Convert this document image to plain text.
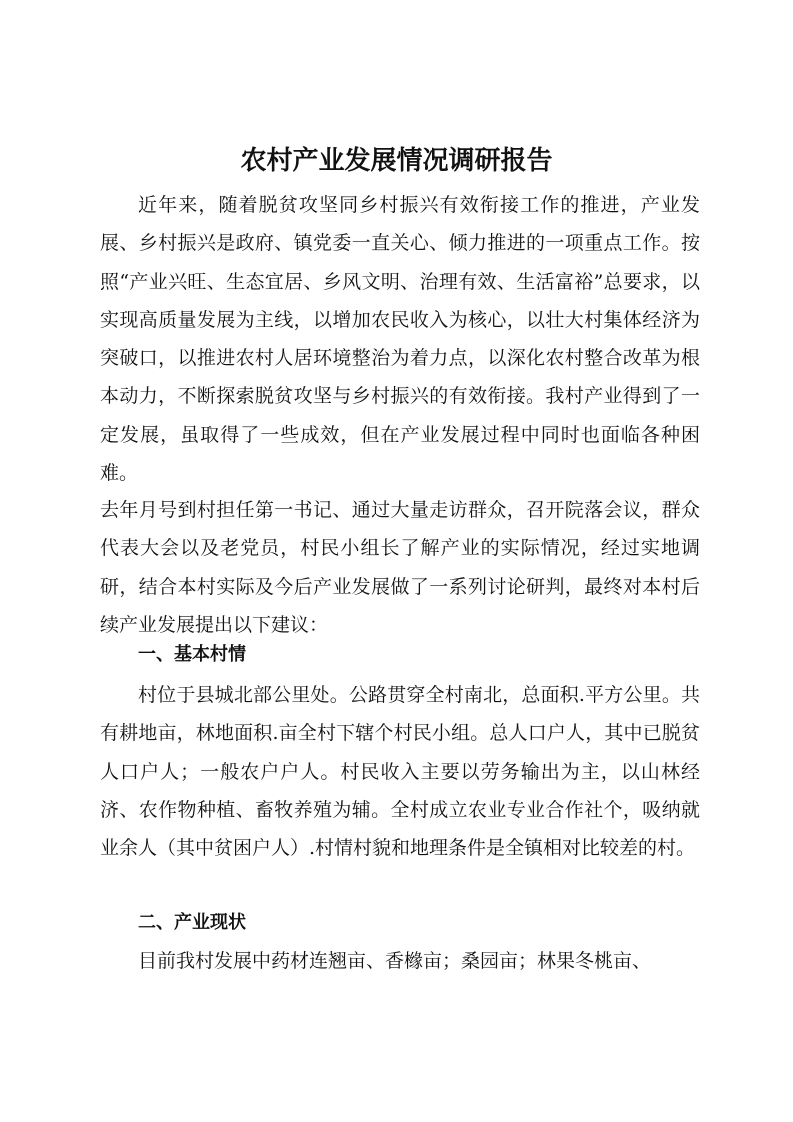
农村产业发展情况调研报告

近年来，随着脱贫攻坚同乡村振兴有效衔接工作的推进，产业发展、乡村振兴是政府、镇党委一直关心、倾力推进的一项重点工作。按照“产业兴旺、生态宜居、乡风文明、治理有效、生活富裕”总要求，以实现高质量发展为主线，以增加农民收入为核心，以壮大村集体经济为突破口，以推进农村人居环境整治为着力点，以深化农村整合改革为根本动力，不断探索脱贫攻坚与乡村振兴的有效衔接。我村产业得到了一定发展，虽取得了一些成效，但在产业发展过程中同时也面临各种困难。

去年月号到村担任第一书记、通过大量走访群众，召开院落会议，群众代表大会以及老党员，村民小组长了解产业的实际情况，经过实地调研，结合本村实际及今后产业发展做了一系列讨论研判，最终对本村后续产业发展提出以下建议：

一、基本村情

村位于县城北部公里处。公路贯穿全村南北，总面积.平方公里。共有耕地亩，林地面积.亩全村下辖个村民小组。总人口户人，其中已脱贫人口户人；一般农户户人。村民收入主要以劳务输出为主，以山林经济、农作物种植、畜牧养殖为辅。全村成立农业专业合作社个，吸纳就业余人（其中贫困户人）.村情村貌和地理条件是全镇相对比较差的村。

二、产业现状

目前我村发展中药材连翘亩、香橼亩；桑园亩；林果冬桃亩、
